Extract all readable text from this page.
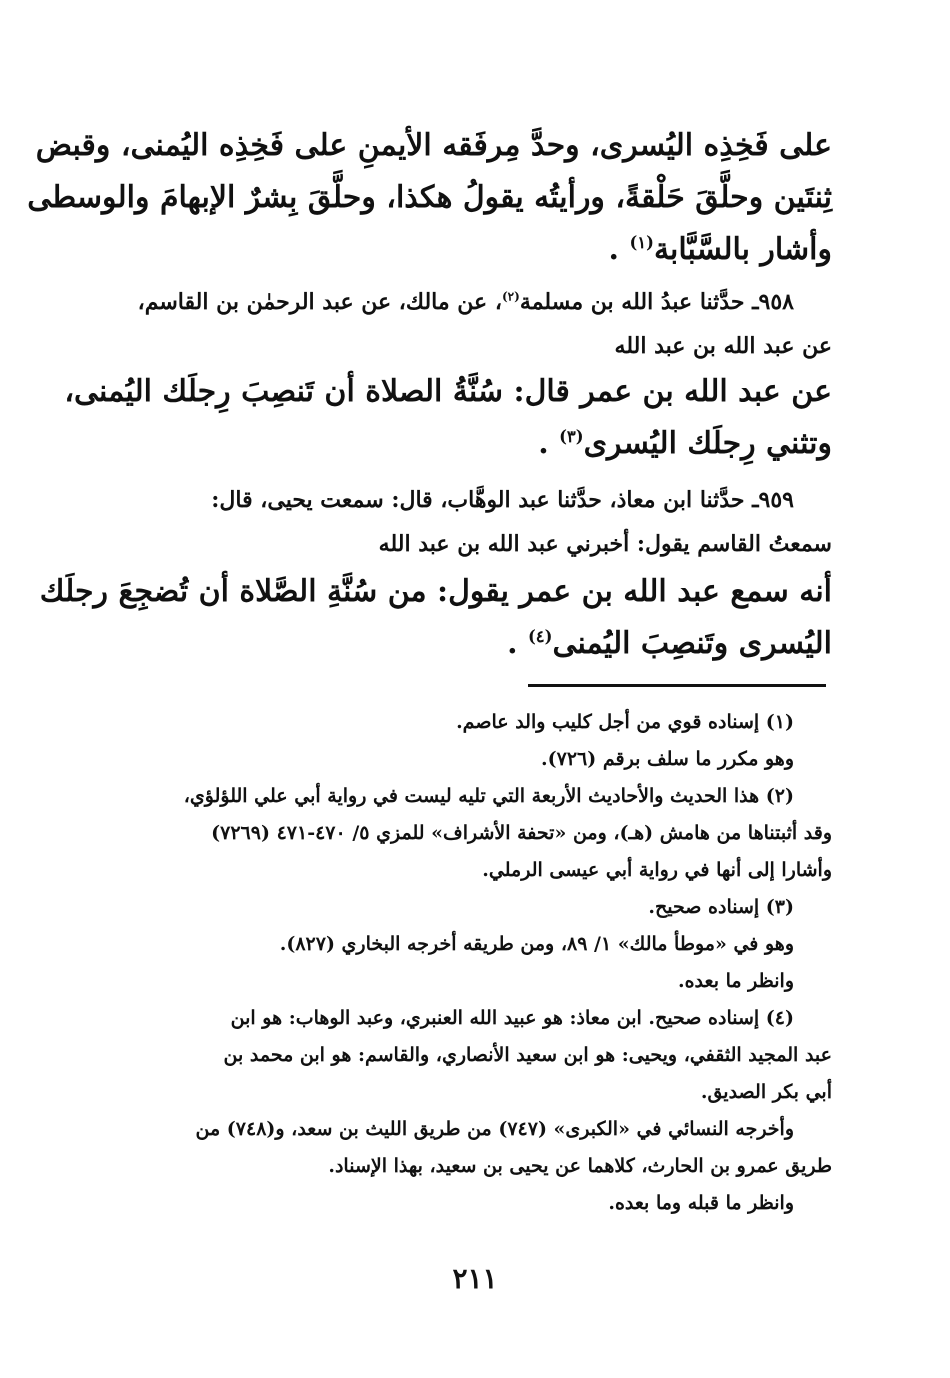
على فَخِذِه اليُسرى، وحدَّ مِرفَقه الأيمنِ على فَخِذِه اليُمنى، وقبض
ثِنتَين وحلَّقَ حَلْقةً، ورأيتُه يقولُ هكذا، وحلَّقَ بِشرٌ الإبهامَ والوسطى
وأشار بالسَّبَّابة$^{(١)}$ .
٩٥٨ـ حدَّثنا عبدُ الله بن مسلمة$^{(٢)}$، عن مالك، عن عبد الرحمٰن بن القاسم،
عن عبد الله بن عبد الله
عن عبد الله بن عمر قال: سُنَّةُ الصلاة أن تَنصِبَ رِجلَك اليُمنى،
وتثني رِجلَك اليُسرى$^{(٣)}$ .
٩٥٩ـ حدَّثنا ابن معاذ، حدَّثنا عبد الوهَّاب، قال: سمعت يحيى، قال:
سمعتُ القاسم يقول: أخبرني عبد الله بن عبد الله
أنه سمع عبد الله بن عمر يقول: من سُنَّةِ الصَّلاة أن تُضجِعَ رجلَك
اليُسرى وتَنصِبَ اليُمنى$^{(٤)}$ .
(١) إسناده قوي من أجل كليب والد عاصم.
وهو مكرر ما سلف برقم (٧٢٦).
(٢) هذا الحديث والأحاديث الأربعة التي تليه ليست في رواية أبي علي اللؤلؤي،
وقد أثبتناها من هامش (هـ)، ومن «تحفة الأشراف» للمزي ٥/ ٤٧٠-٤٧١ (٧٢٦٩)
وأشارا إلى أنها في رواية أبي عيسى الرملي.
(٣) إسناده صحيح.
وهو في «موطأ مالك» ١/ ٨٩، ومن طريقه أخرجه البخاري (٨٢٧).
وانظر ما بعده.
(٤) إسناده صحيح. ابن معاذ: هو عبيد الله العنبري، وعبد الوهاب: هو ابن
عبد المجيد الثقفي، ويحيى: هو ابن سعيد الأنصاري، والقاسم: هو ابن محمد بن
أبي بكر الصديق.
وأخرجه النسائي في «الكبرى» (٧٤٧) من طريق الليث بن سعد، و(٧٤٨) من
طريق عمرو بن الحارث، كلاهما عن يحيى بن سعيد، بهذا الإسناد.
وانظر ما قبله وما بعده.
٢١١
